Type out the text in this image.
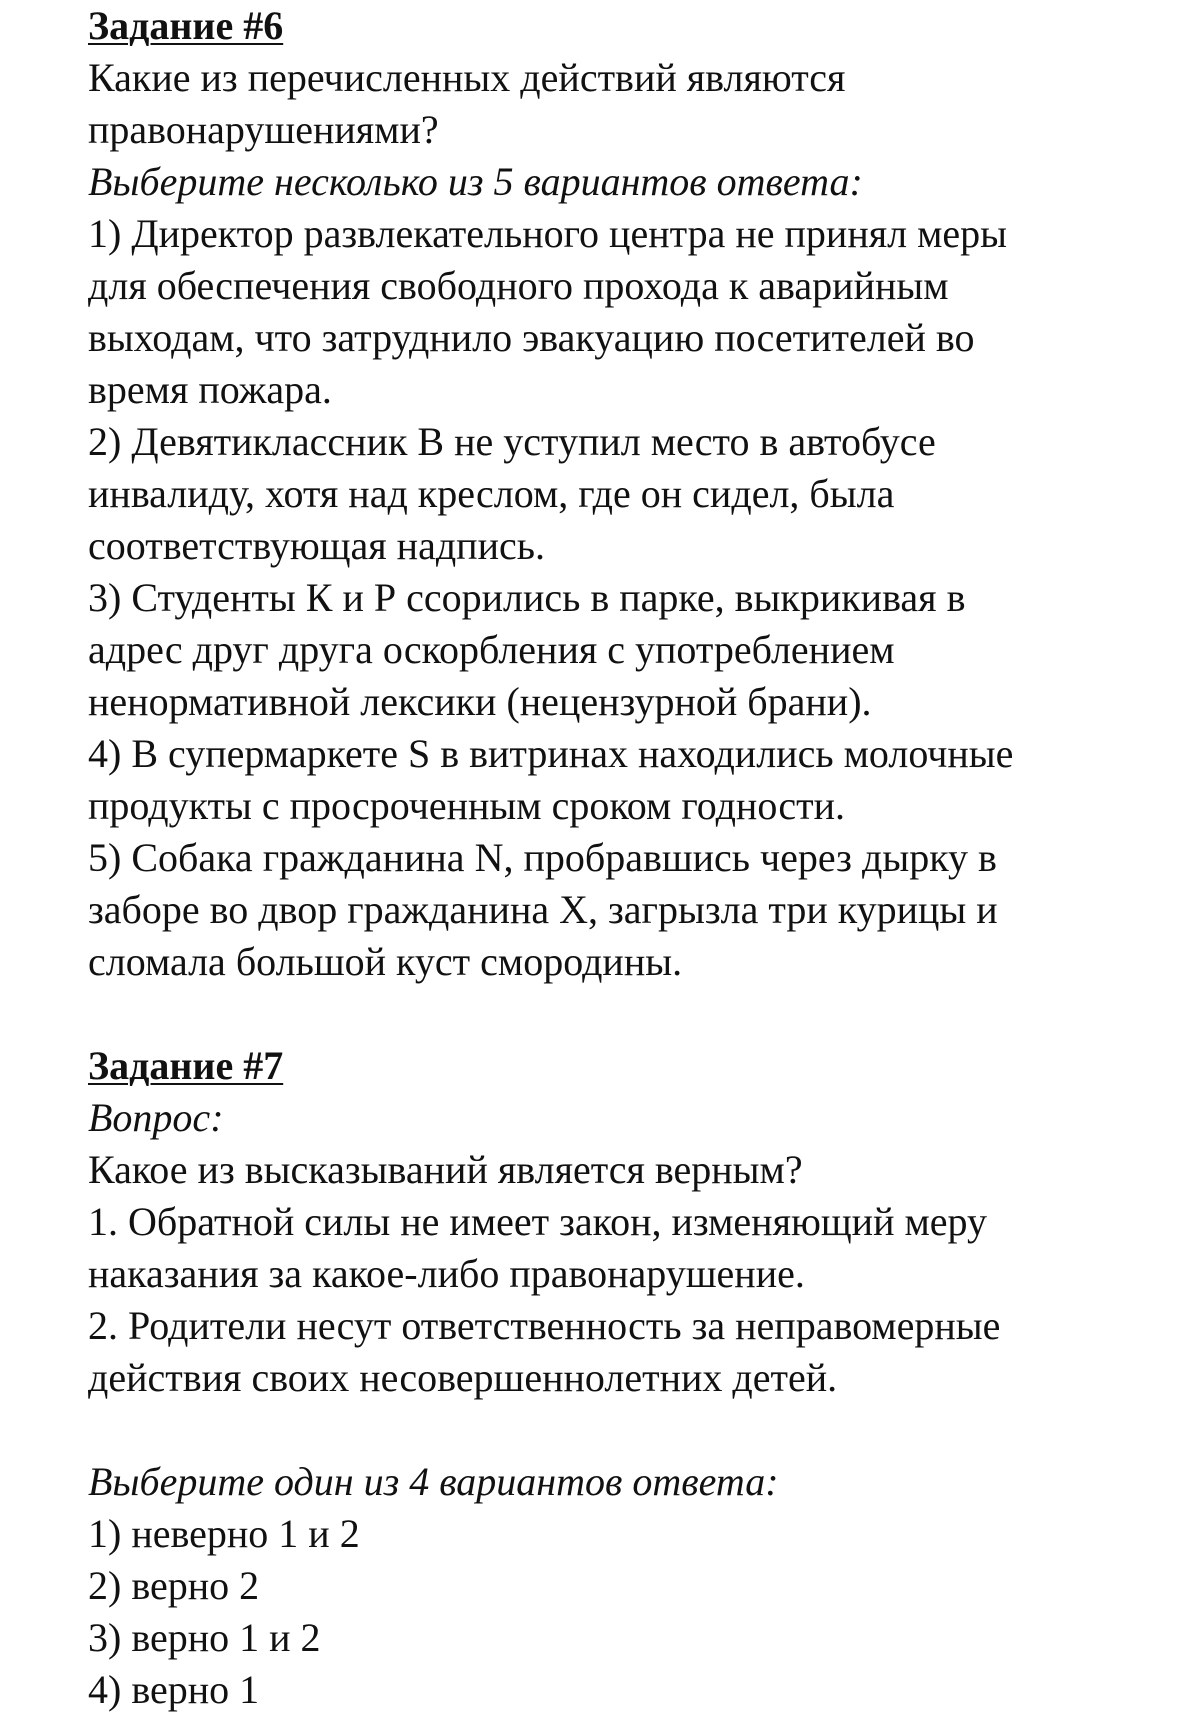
Задание #6
Какие из перечисленных действий являются
правонарушениями?
Выберите несколько из 5 вариантов ответа:
1) Директор развлекательного центра не принял меры
для обеспечения свободного прохода к аварийным
выходам, что затруднило эвакуацию посетителей во
время пожара.
2) Девятиклассник В не уступил место в автобусе
инвалиду, хотя над креслом, где он сидел, была
соответствующая надпись.
3) Студенты К и Р ссорились в парке, выкрикивая в
адрес друг друга оскорбления с употреблением
ненормативной лексики (нецензурной брани).
4) В супермаркете S в витринах находились молочные
продукты с просроченным сроком годности.
5) Собака гражданина N, пробравшись через дырку в
заборе во двор гражданина X, загрызла три курицы и
сломала большой куст смородины.
Задание #7
Вопрос:
Какое из высказываний является верным?
1. Обратной силы не имеет закон, изменяющий меру
наказания за какое-либо правонарушение.
2. Родители несут ответственность за неправомерные
действия своих несовершеннолетних детей.
Выберите один из 4 вариантов ответа:
1) неверно 1 и 2
2) верно 2
3) верно 1 и 2
4) верно 1
